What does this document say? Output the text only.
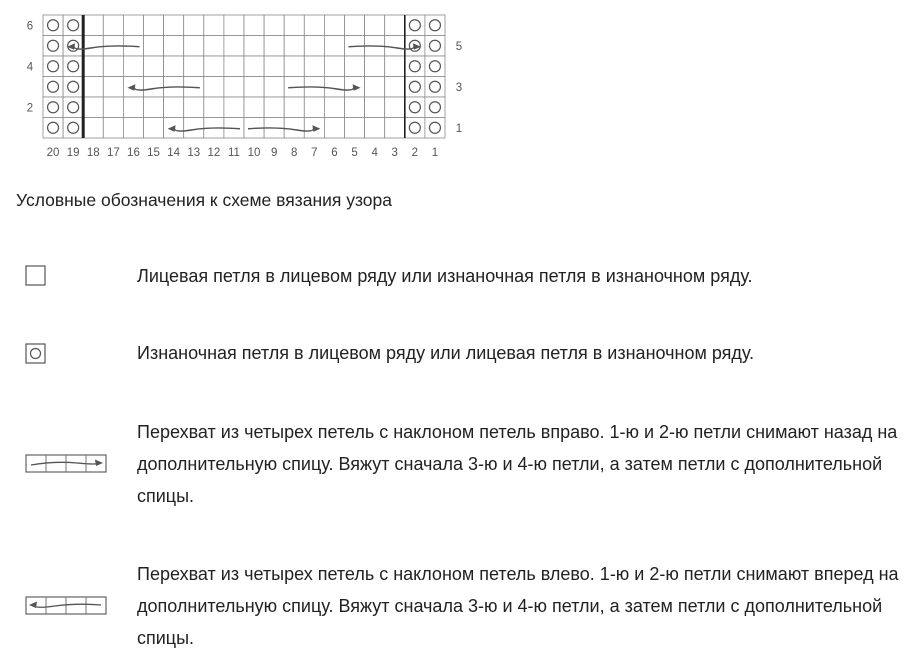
20 19 18 17 16 15 14 13 12 11 10 9 8 7 6 5 4 3 2 1
6
4
2
5
3
1
Условные обозначения к схеме вязания узора
Лицевая петля в лицевом ряду или изнаночная петля в изнаночном ряду.
Изнаночная петля в лицевом ряду или лицевая петля в изнаночном ряду.
Перехват из четырех петель с наклоном петель вправо. 1-ю и 2-ю петли снимают назад на дополнительную спицу. Вяжут сначала 3-ю и 4-ю петли, а затем петли с дополнительной спицы.
Перехват из четырех петель с наклоном петель влево. 1-ю и 2-ю петли снимают вперед на дополнительную спицу. Вяжут сначала 3-ю и 4-ю петли, а затем петли с дополнительной спицы.
